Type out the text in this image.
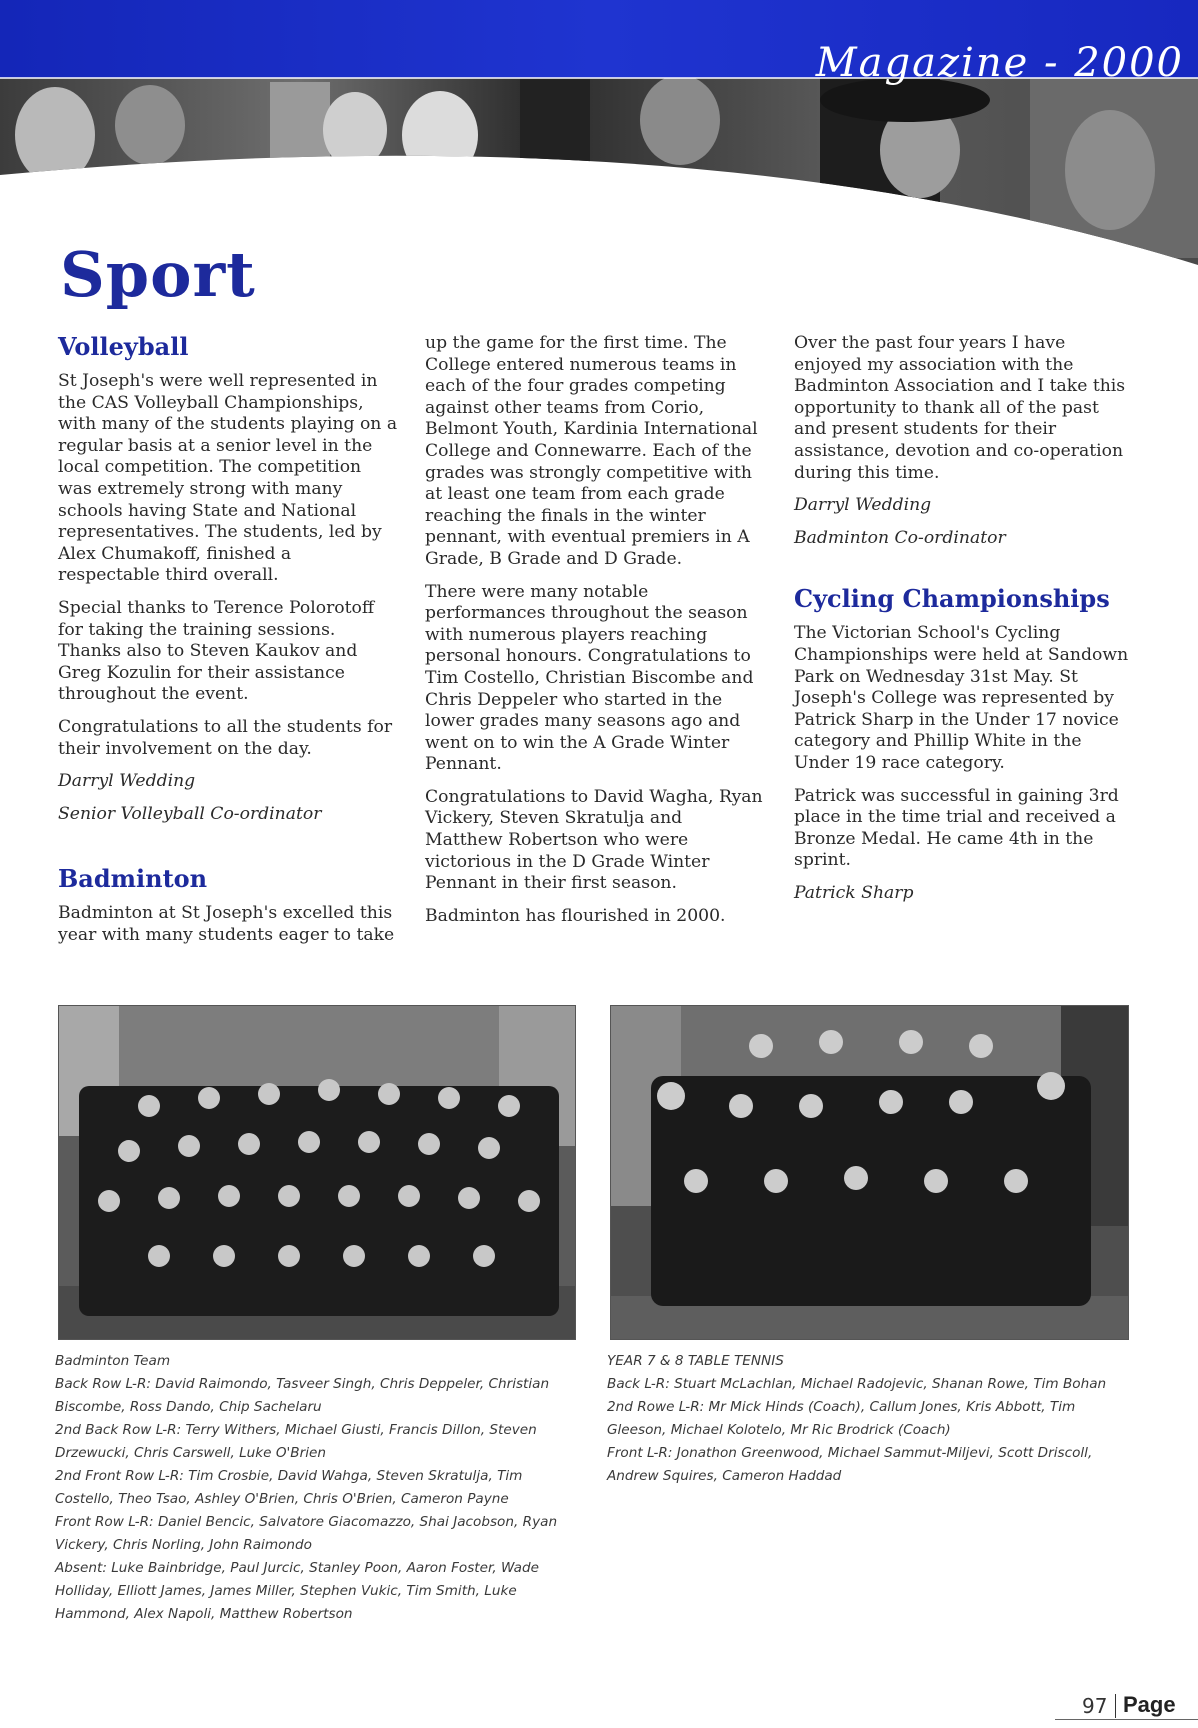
Magazine - 2000
Sport
Volleyball

St Joseph's were well represented in the CAS Volleyball Championships, with many of the students playing on a regular basis at a senior level in the local competition. The competition was extremely strong with many schools having State and National representatives. The students, led by Alex Chumakoff, finished a respectable third overall.

Special thanks to Terence Polorotoff for taking the training sessions. Thanks also to Steven Kaukov and Greg Kozulin for their assistance throughout the event.

Congratulations to all the students for their involvement on the day.

Darryl Wedding

Senior Volleyball Co-ordinator

Badminton

Badminton at St Joseph's excelled this year with many students eager to take

up the game for the first time. The College entered numerous teams in each of the four grades competing against other teams from Corio, Belmont Youth, Kardinia International College and Connewarre. Each of the grades was strongly competitive with at least one team from each grade reaching the finals in the winter pennant, with eventual premiers in A Grade, B Grade and D Grade.

There were many notable performances throughout the season with numerous players reaching personal honours. Congratulations to Tim Costello, Christian Biscombe and Chris Deppeler who started in the lower grades many seasons ago and went on to win the A Grade Winter Pennant.

Congratulations to David Wagha, Ryan Vickery, Steven Skratulja and Matthew Robertson who were victorious in the D Grade Winter Pennant in their first season.

Badminton has flourished in 2000.

Over the past four years I have enjoyed my association with the Badminton Association and I take this opportunity to thank all of the past and present students for their assistance, devotion and co-operation during this time.

Darryl Wedding

Badminton Co-ordinator

Cycling Championships

The Victorian School's Cycling Championships were held at Sandown Park on Wednesday 31st May. St Joseph's College was represented by Patrick Sharp in the Under 17 novice category and Phillip White in the Under 19 race category.

Patrick was successful in gaining 3rd place in the time trial and received a Bronze Medal. He came 4th in the sprint.

Patrick Sharp

Badminton Team
Back Row L-R: David Raimondo, Tasveer Singh, Chris Deppeler, Christian
Biscombe, Ross Dando, Chip Sachelaru
2nd Back Row L-R: Terry Withers, Michael Giusti, Francis Dillon, Steven
Drzewucki, Chris Carswell, Luke O'Brien
2nd Front Row L-R: Tim Crosbie, David Wahga, Steven Skratulja, Tim
Costello, Theo Tsao, Ashley O'Brien, Chris O'Brien, Cameron Payne
Front Row L-R: Daniel Bencic, Salvatore Giacomazzo, Shai Jacobson, Ryan
Vickery, Chris Norling, John Raimondo
Absent: Luke Bainbridge, Paul Jurcic, Stanley Poon, Aaron Foster, Wade
Holliday, Elliott James, James Miller, Stephen Vukic, Tim Smith, Luke
Hammond, Alex Napoli, Matthew Robertson
YEAR 7 & 8 TABLE TENNIS
Back L-R: Stuart McLachlan, Michael Radojevic, Shanan Rowe, Tim Bohan
2nd Rowe L-R: Mr Mick Hinds (Coach), Callum Jones, Kris Abbott, Tim
Gleeson, Michael Kolotelo, Mr Ric Brodrick (Coach)
Front L-R: Jonathon Greenwood, Michael Sammut-Miljevi, Scott Driscoll,
Andrew Squires, Cameron Haddad
97 Page
